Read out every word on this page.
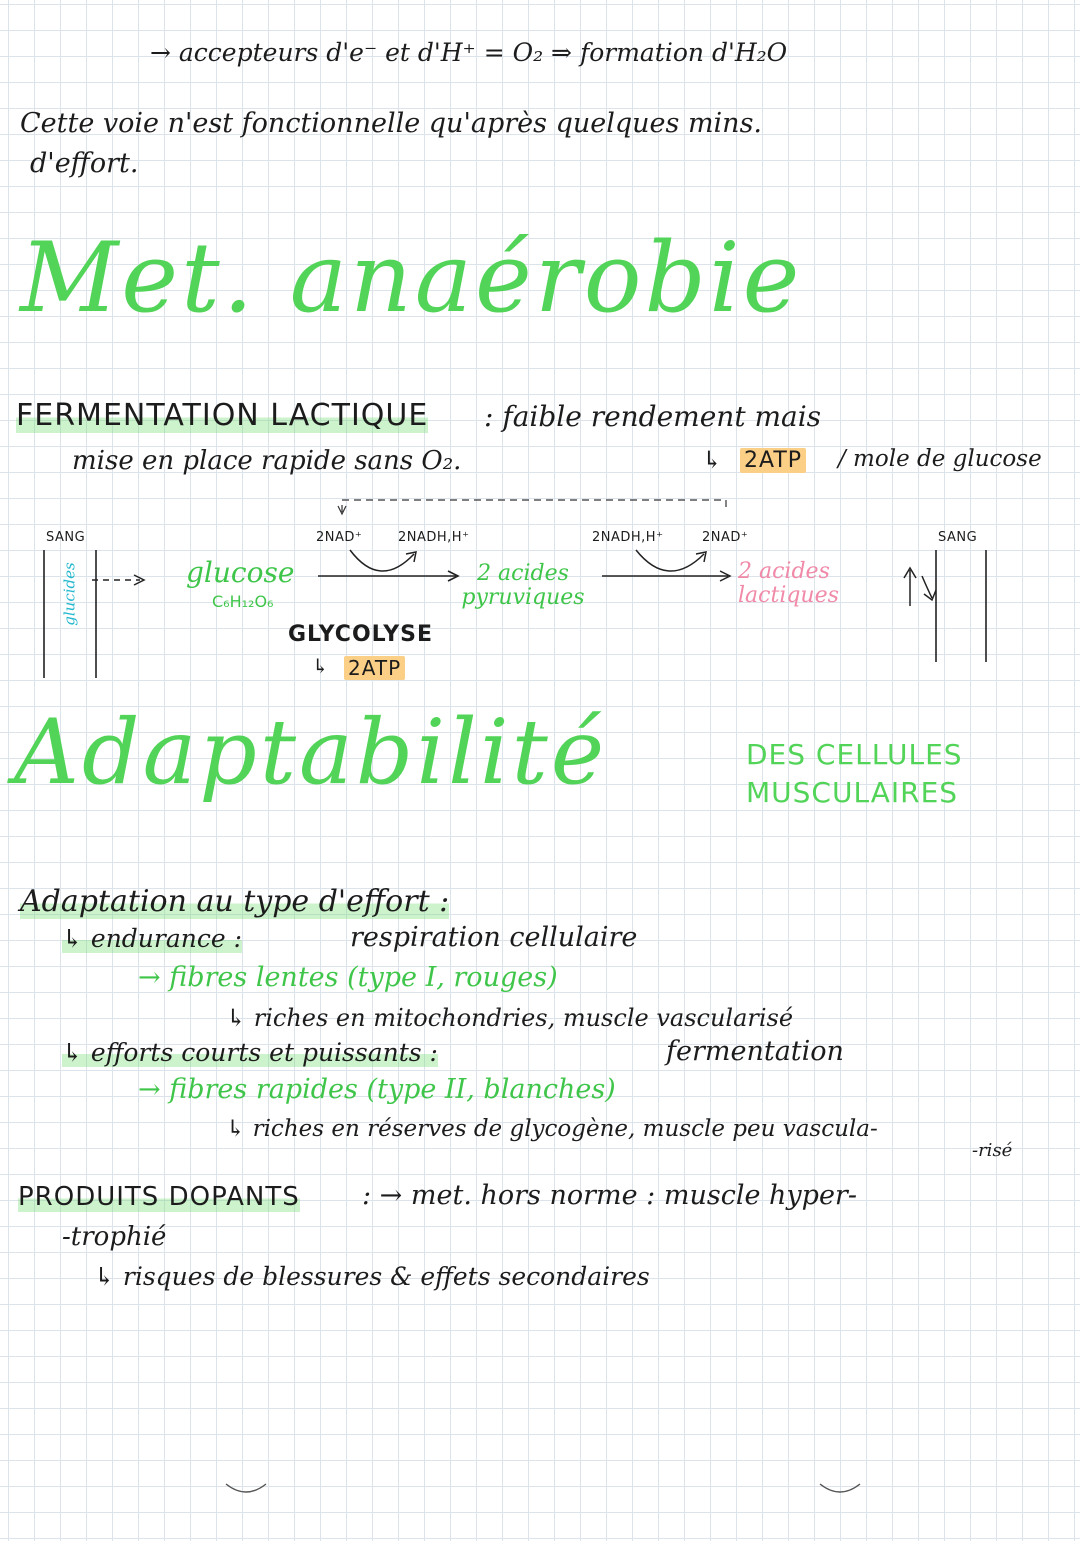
→ accepteurs d'e⁻ et d'H⁺ = O₂ ⇒ formation d'H₂O
Cette voie n'est fonctionnelle qu'après quelques mins.
d'effort.
Met. anaérobie
FERMENTATION LACTIQUE : faible rendement mais
mise en place rapide sans O₂.	↳ 2ATP / mole de glucose
SANG
glucides
SANG
glucose
C₆H₁₂O₆
2NAD⁺	2NADH,H⁺
2 acides pyruviques
2NADH,H⁺	2NAD⁺
2 acides lactiques
GLYCOLYSE
↳ 2ATP
Adaptabilité	DES CELLULES
MUSCULAIRES
Adaptation au type d'effort :
↳ endurance :	respiration cellulaire
→ fibres lentes (type I, rouges)
↳ riches en mitochondries, muscle vascularisé
↳ efforts courts et puissants :	fermentation
→ fibres rapides (type II, blanches)
↳ riches en réserves de glycogène, muscle peu vascula-
-risé
PRODUITS DOPANTS : → met. hors norme : muscle hyper-
-trophié
↳ risques de blessures & effets secondaires
